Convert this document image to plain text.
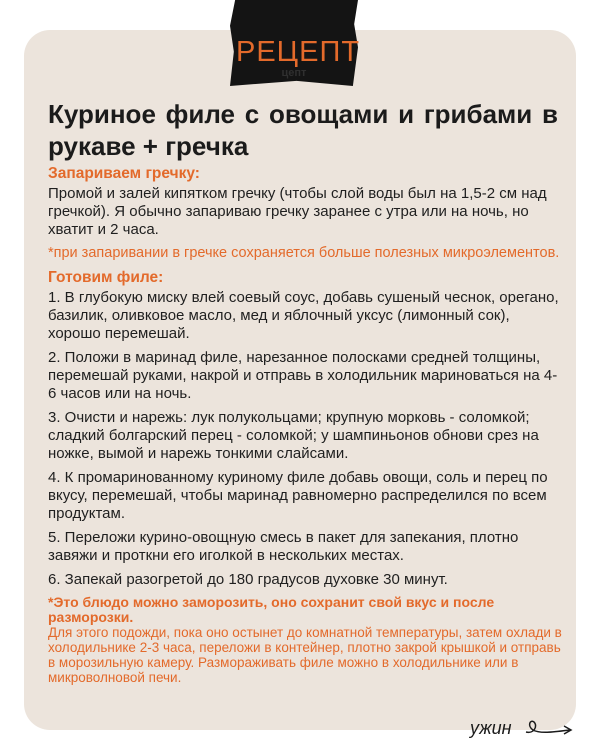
РЕЦЕПТ
цепт
Куриное филе с овощами и грибами в рукаве + гречка
Запариваем гречку:

Промой и залей кипятком гречку (чтобы слой воды был на 1,5-2 см над гречкой). Я обычно запариваю гречку заранее с утра или на ночь, но хватит и 2 часа.

*при запаривании в гречке сохраняется больше полезных микроэлементов.

Готовим филе:

1. В глубокую миску влей соевый соус, добавь сушеный чеснок, орегано, базилик, оливковое масло, мед и яблочный уксус (лимонный сок), хорошо перемешай.

2. Положи в маринад филе, нарезанное полосками средней толщины, перемешай руками, накрой и отправь в холодильник мариноваться на 4-6 часов или на ночь.

3. Очисти и нарежь: лук полукольцами; крупную морковь - соломкой; сладкий болгарский перец - соломкой; у шампиньонов обнови срез на ножке, вымой и нарежь тонкими слайсами.

4. К промаринованному куриному филе добавь овощи, соль и перец по вкусу, перемешай, чтобы маринад равномерно распределился по всем продуктам.

5. Переложи курино-овощную смесь в пакет для запекания, плотно завяжи и проткни его иголкой в нескольких местах.

6. Запекай разогретой до 180 градусов духовке 30 минут.

*Это блюдо можно заморозить, оно сохранит свой вкус и после разморозки.

Для этого подожди, пока оно остынет до комнатной температуры, затем охлади в холодильнике 2-3 часа, переложи в контейнер, плотно закрой крышкой и отправь в морозильную камеру. Размораживать филе можно в холодильнике или в микроволновой печи.

ужин
